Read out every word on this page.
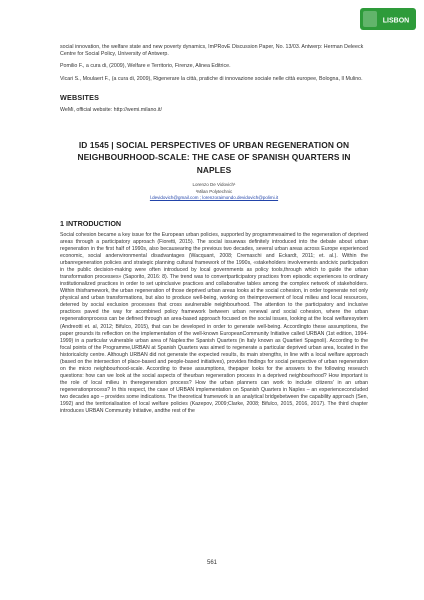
LISBON

social innovation, the welfare state and new poverty dynamics, ImPRovE Discussion Paper, No. 13/03. Antwerp: Herman Deleeck Centre for Social Policy, University of Antwerp.

Pomilio F., a cura di, (2009), Welfare e Territorio, Firenze, Alinea Editrice.

Vicari S., Moulaert F., (a cura di, 2009), Rigenerare la città, pratiche di innovazione sociale nelle città europee, Bologna, Il Mulino.

WEBSITES

WeMi, official website: http://wemi.milano.it/

ID 1545 | SOCIAL PERSPECTIVES OF URBAN REGENERATION ON NEIGHBOURHOOD-SCALE: THE CASE OF SPANISH QUARTERS IN NAPLES
Lorenzo De Vidovich¹
¹Milan Polytechnic
l.devidovich@gmail.com ; lorenzoraimondo.devidovich@polimi.it
1 INTRODUCTION

Social cohesion became a key issue for the European urban policies, supported by programmesaimed to the regeneration of deprived areas through a participatory approach (Fioretti, 2015). The social issuewas definitely introduced into the debate about urban regeneration in the first half of 1990s, also becausearing the previous two decades, several urban areas across Europe experienced economic, social andenvironmental disadvantages (Wacquant, 2008; Cremaschi and Eckardt, 2011; et. al.). Within the urbanregeneration policies and strategic planning cultural framework of the 1990s, «stakeholders involvements andcivic participation in the public decision-making were often introduced by local governments as policy tools,through which to guide the urban transformation processes» (Saporito, 2016: 8). The trend was to convertparticipatory practices from episodic experiences to ordinary institutionalized practices in order to set upinclusive practices and collaborative tables among the complex network of stakeholders. Within thisframework, the urban regeneration of those deprived urban areas looks at the social cohesion, in order togenerate not only physical and urban transformations, but also to produce well-being, working on theimprovement of local milieu and local resources, deterred by social exclusion processes that cross avulnerable neighbourhood. The attention to the participatory and inclusive practices paved the way for acombined policy framework between urban renewal and social cohesion, where the urban regenerationprocess can be defined through an area-based approach focused on the social issues, looking at the local welfaresystem (Andreotti et. al, 2012; Bifulco, 2015), that can be developed in order to generate well-being. Accordingto these assumptions, the paper grounds its reflection on the implementation of the well-known EuropeanCommunity Initiative called URBAN (1st edition, 1994-1999) in a particular vulnerable urban area of Naples:the Spanish Quarters (in Italy known as Quartieri Spagnoli). According to the focal points of the Programme,URBAN at Spanish Quarters was aimed to regenerate a particular deprived urban area, located in the historicalcity centre. Although URBAN did not generate the expected results, its main strengths, in line with a local welfare approach (based on the intersection of place-based and people-based initiatives), provides findings for social perspective of urban regeneration on the micro neighbourhood-scale. According to these assumptions, thepaper looks for the answers to the following research questions: how can we look at the social aspects of theurban regeneration process in a deprived neighbourhood? How important is the role of local milieu in theregeneration process? How the urban planners can work to include citizens' in an urban regenerationprocess? In this respect, the case of URBAN implementation on Spanish Quarters in Naples – an experienceconcluded two decades ago – provides some indications. The theoretical framework is an analytical bridgebetween the capability approach (Sen, 1992) and the territorialisation of local welfare policies (Kazepov, 2009;Clarke, 2008; Bifulco, 2015, 2016, 2017). The third chapter introduces URBAN Community Initiative, andthe rest of the

561
